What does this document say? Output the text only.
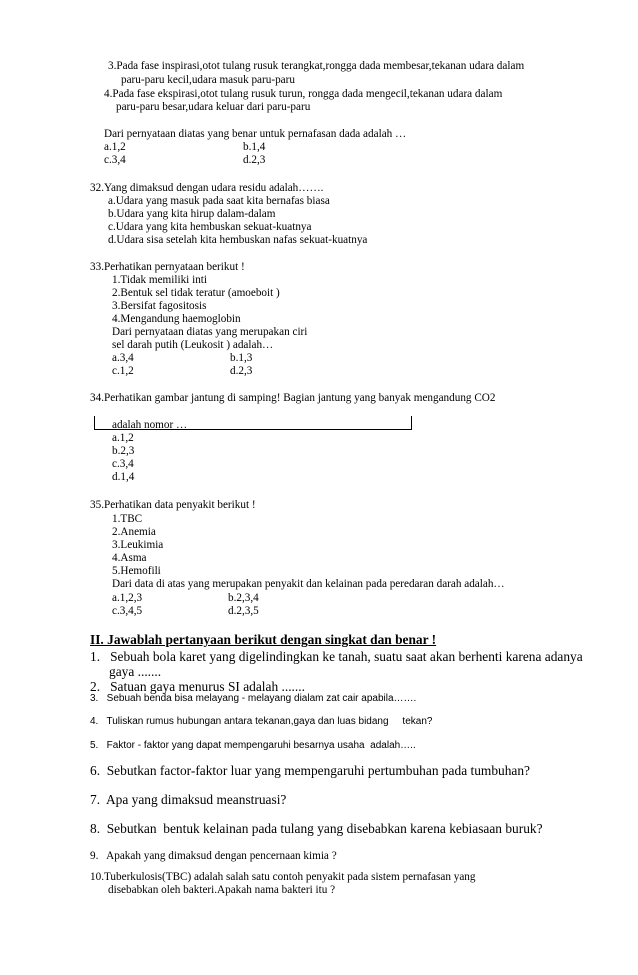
3.Pada fase inspirasi,otot tulang rusuk terangkat,rongga dada membesar,tekanan udara dalam
paru-paru kecil,udara masuk paru-paru
4.Pada fase ekspirasi,otot tulang rusuk turun, rongga dada mengecil,tekanan udara dalam
paru-paru besar,udara keluar dari paru-paru
Dari pernyataan diatas yang benar untuk pernafasan dada adalah …
a.1,2	b.1,4
c.3,4	d.2,3
32.Yang dimaksud dengan udara residu adalah…….
a.Udara yang masuk pada saat kita bernafas biasa
b.Udara yang kita hirup dalam-dalam
c.Udara yang kita hembuskan sekuat-kuatnya
d.Udara sisa setelah kita hembuskan nafas sekuat-kuatnya
33.Perhatikan pernyataan berikut !
1.Tidak memiliki inti
2.Bentuk sel tidak teratur (amoeboit )
3.Bersifat fagositosis
4.Mengandung haemoglobin
Dari pernyataan diatas yang merupakan ciri
sel darah putih (Leukosit ) adalah…
a.3,4	b.1,3
c.1,2	d.2,3
34.Perhatikan gambar jantung di samping! Bagian jantung yang banyak mengandung CO2
adalah nomor …
a.1,2
b.2,3
c.3,4
d.1,4
35.Perhatikan data penyakit berikut !
1.TBC
2.Anemia
3.Leukimia
4.Asma
5.Hemofili
Dari data di atas yang merupakan penyakit dan kelainan pada peredaran darah adalah…
a.1,2,3	b.2,3,4
c.3,4,5	d.2,3,5
II. Jawablah pertanyaan berikut dengan singkat dan benar !
1.   Sebuah bola karet yang digelindingkan ke tanah, suatu saat akan berhenti karena adanya
gaya .......
2.   Satuan gaya menurus SI adalah .......
3.   Sebuah benda bisa melayang - melayang dialam zat cair apabila…….
4.   Tuliskan rumus hubungan antara tekanan,gaya dan luas bidang     tekan?
5.   Faktor - faktor yang dapat mempengaruhi besarnya usaha  adalah…..
6.  Sebutkan factor-faktor luar yang mempengaruhi pertumbuhan pada tumbuhan?
7.  Apa yang dimaksud meanstruasi?
8.  Sebutkan  bentuk kelainan pada tulang yang disebabkan karena kebiasaan buruk?
9.   Apakah yang dimaksud dengan pencernaan kimia ?
10.Tuberkulosis(TBC) adalah salah satu contoh penyakit pada sistem pernafasan yang
disebabkan oleh bakteri.Apakah nama bakteri itu ?
